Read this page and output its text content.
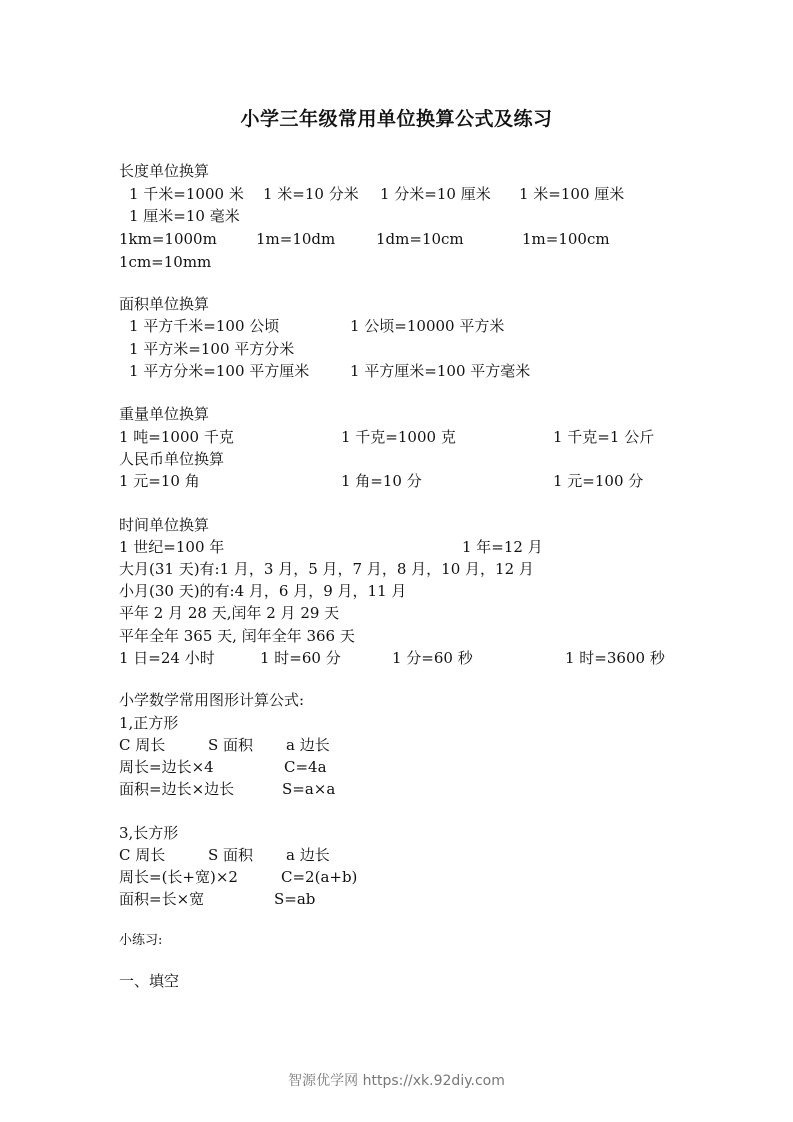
小学三年级常用单位换算公式及练习
长度单位换算
1 千米=1000 米 1 米=10 分米 1 分米=10 厘米 1 米=100 厘米
1 厘米=10 毫米
1km=1000m	1m=10dm	1dm=10cm	1m=100cm
1cm=10mm
面积单位换算
1 平方千米=100 公顷	1 公顷=10000 平方米
1 平方米=100 平方分米
1 平方分米=100 平方厘米	1 平方厘米=100 平方毫米
重量单位换算
1 吨=1000 千克	1 千克=1000 克	1 千克=1 公斤
人民币单位换算
1 元=10 角	1 角=10 分	1 元=100 分
时间单位换算
1 世纪=100 年	1 年=12 月
大月(31 天)有:1 月，3 月，5 月，7 月，8 月，10 月，12 月
小月(30 天)的有:4 月，6 月，9 月，11 月
平年 2 月 28 天,闰年 2 月 29 天
平年全年 365 天, 闰年全年 366 天
1 日=24 小时	1 时=60 分	1 分=60 秒	1 时=3600 秒
小学数学常用图形计算公式:
1,正方形
C 周长	S 面积 a 边长
周长=边长×4	C=4a
面积=边长×边长	S=a×a
3,长方形
C 周长	S 面积 a 边长
周长=(长+宽)×2	C=2(a+b)
面积=长×宽	S=ab
小练习:
一、填空
智源优学网 https://xk.92diy.com
